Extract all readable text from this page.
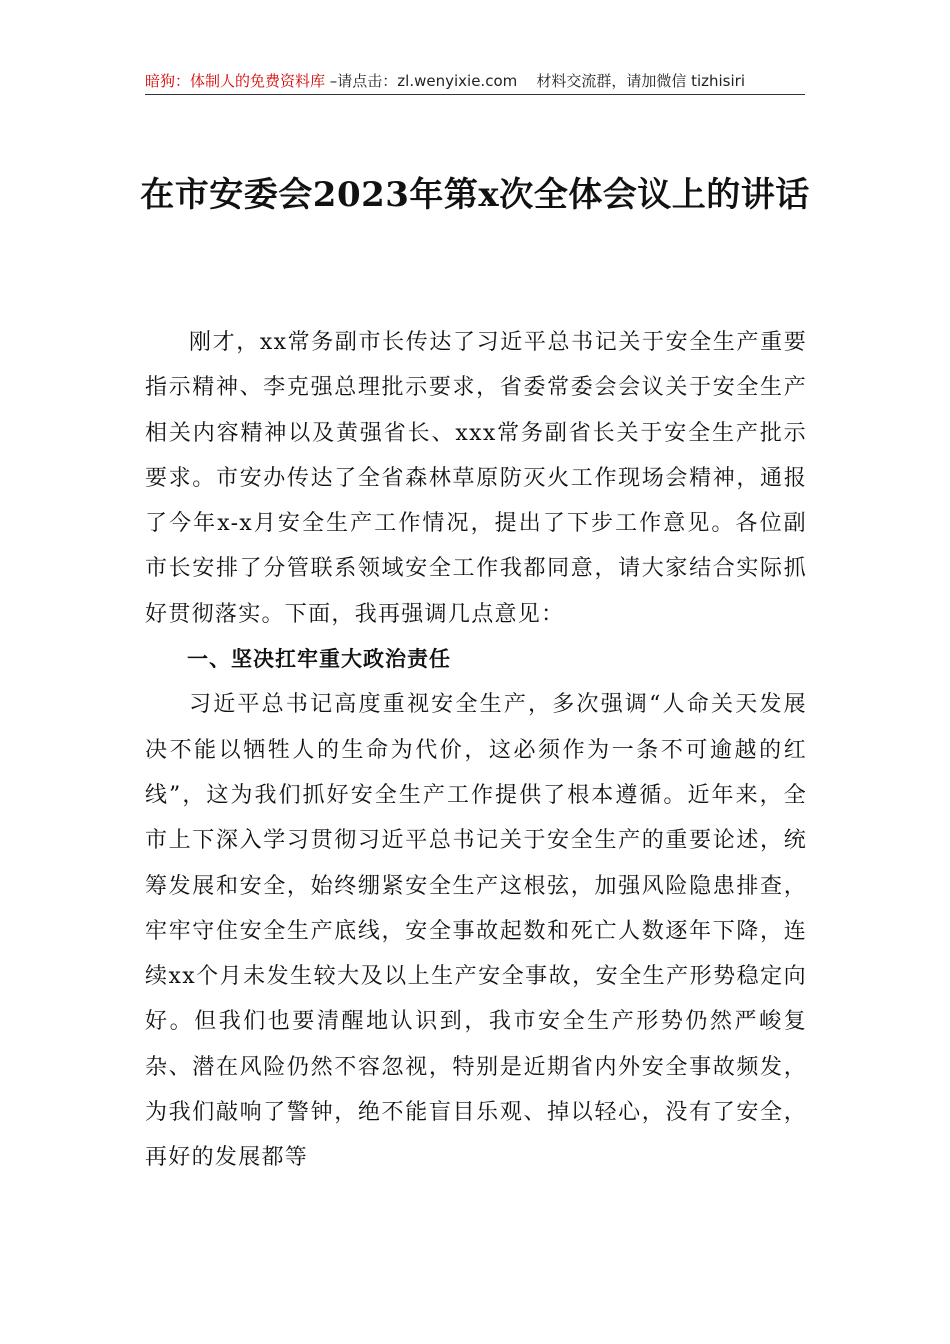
暗狗：体制人的免费资料库 –请点击：zl.wenyixie.com 材料交流群，请加微信 tizhisiri
在市安委会2023年第x次全体会议上的讲话

刚才，xx常务副市长传达了习近平总书记关于安全生产重要指示精神、李克强总理批示要求，省委常委会会议关于安全生产相关内容精神以及黄强省长、xxx常务副省长关于安全生产批示要求。市安办传达了全省森林草原防灭火工作现场会精神，通报了今年x-x月安全生产工作情况，提出了下步工作意见。各位副市长安排了分管联系领域安全工作我都同意，请大家结合实际抓好贯彻落实。下面，我再强调几点意见：

一、坚决扛牢重大政治责任

习近平总书记高度重视安全生产，多次强调“人命关天发展决不能以牺牲人的生命为代价，这必须作为一条不可逾越的红线”，这为我们抓好安全生产工作提供了根本遵循。近年来，全市上下深入学习贯彻习近平总书记关于安全生产的重要论述，统筹发展和安全，始终绷紧安全生产这根弦，加强风险隐患排查，牢牢守住安全生产底线，安全事故起数和死亡人数逐年下降，连续xx个月未发生较大及以上生产安全事故，安全生产形势稳定向好。但我们也要清醒地认识到，我市安全生产形势仍然严峻复杂、潜在风险仍然不容忽视，特别是近期省内外安全事故频发，为我们敲响了警钟，绝不能盲目乐观、掉以轻心，没有了安全，再好的发展都等
